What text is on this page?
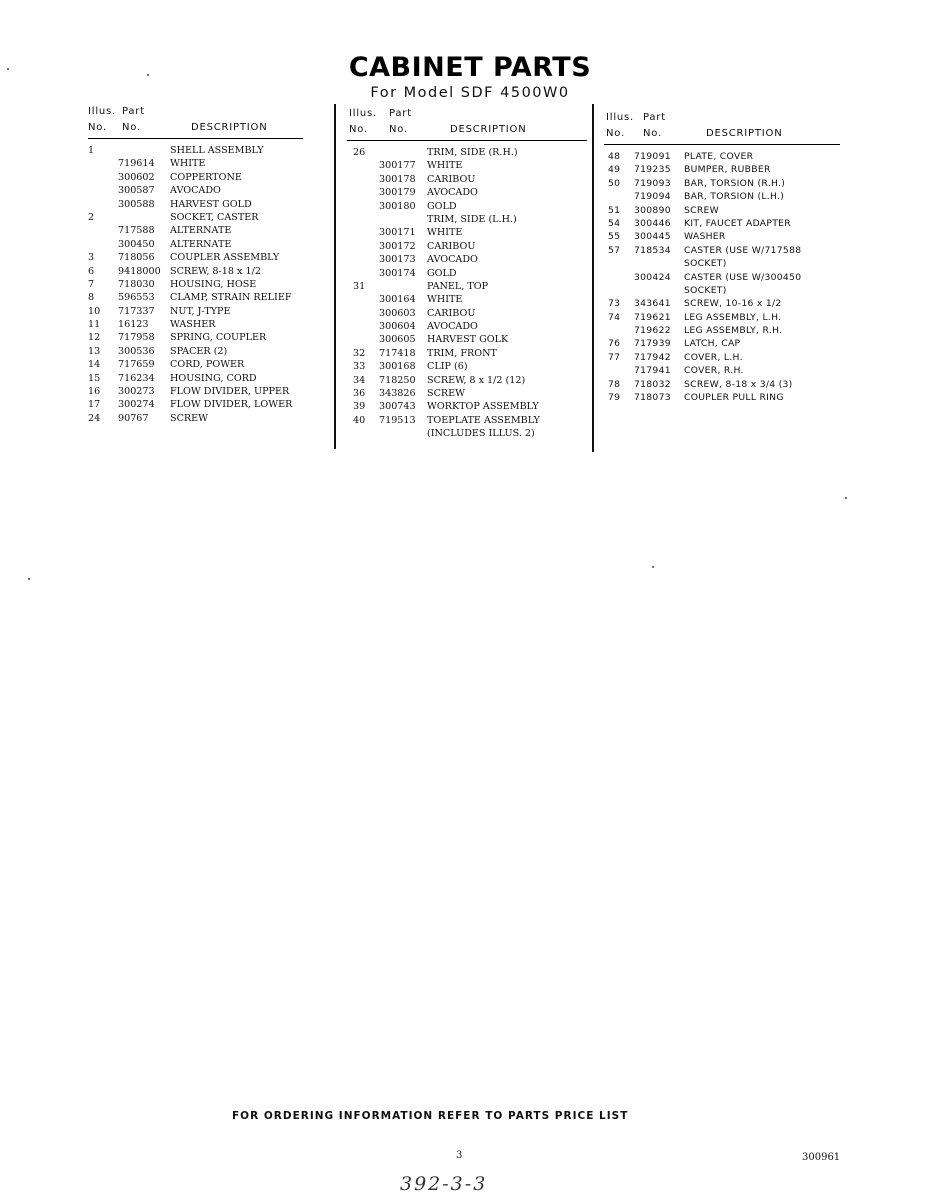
CABINET PARTS
For Model SDF 4500W0
Illus. Part
No. No.	DESCRIPTION
1	SHELL ASSEMBLY
719614 WHITE
300602 COPPERTONE
300587 AVOCADO
300588 HARVEST GOLD
2	SOCKET, CASTER
717588 ALTERNATE
300450 ALTERNATE
3 718056 COUPLER ASSEMBLY
6 9418000 SCREW, 8-18 x 1/2
7 718030 HOUSING, HOSE
8 596553 CLAMP, STRAIN RELIEF
10 717337 NUT, J-TYPE
11 16123 WASHER
12 717958 SPRING, COUPLER
13 300536 SPACER (2)
14 717659 CORD, POWER
15 716234 HOUSING, CORD
16 300273 FLOW DIVIDER, UPPER
17 300274 FLOW DIVIDER, LOWER
24 90767 SCREW
Illus. Part
No. No.	DESCRIPTION
26	TRIM, SIDE (R.H.)
300177 WHITE
300178 CARIBOU
300179 AVOCADO
300180 GOLD
TRIM, SIDE (L.H.)
300171 WHITE
300172 CARIBOU
300173 AVOCADO
300174 GOLD
31	PANEL, TOP
300164 WHITE
300603 CARIBOU
300604 AVOCADO
300605 HARVEST GOLK
32 717418 TRIM, FRONT
33 300168 CLIP (6)
34 718250 SCREW, 8 x 1/2 (12)
36 343826 SCREW
39 300743 WORKTOP ASSEMBLY
40 719513 TOEPLATE ASSEMBLY
(INCLUDES ILLUS. 2)
Illus. Part
No. No.	DESCRIPTION
48 719091 PLATE, COVER
49 719235 BUMPER, RUBBER
50 719093 BAR, TORSION (R.H.)
719094 BAR, TORSION (L.H.)
51 300890 SCREW
54 300446 KIT, FAUCET ADAPTER
55 300445 WASHER
57 718534 CASTER (USE W/717588
SOCKET)
300424 CASTER (USE W/300450
SOCKET)
73 343641 SCREW, 10-16 x 1/2
74 719621 LEG ASSEMBLY, L.H.
719622 LEG ASSEMBLY, R.H.
76 717939 LATCH, CAP
77 717942 COVER, L.H.
717941 COVER, R.H.
78 718032 SCREW, 8-18 x 3/4 (3)
79 718073 COUPLER PULL RING
FOR ORDERING INFORMATION REFER TO PARTS PRICE LIST
3	300961
392-3-3
